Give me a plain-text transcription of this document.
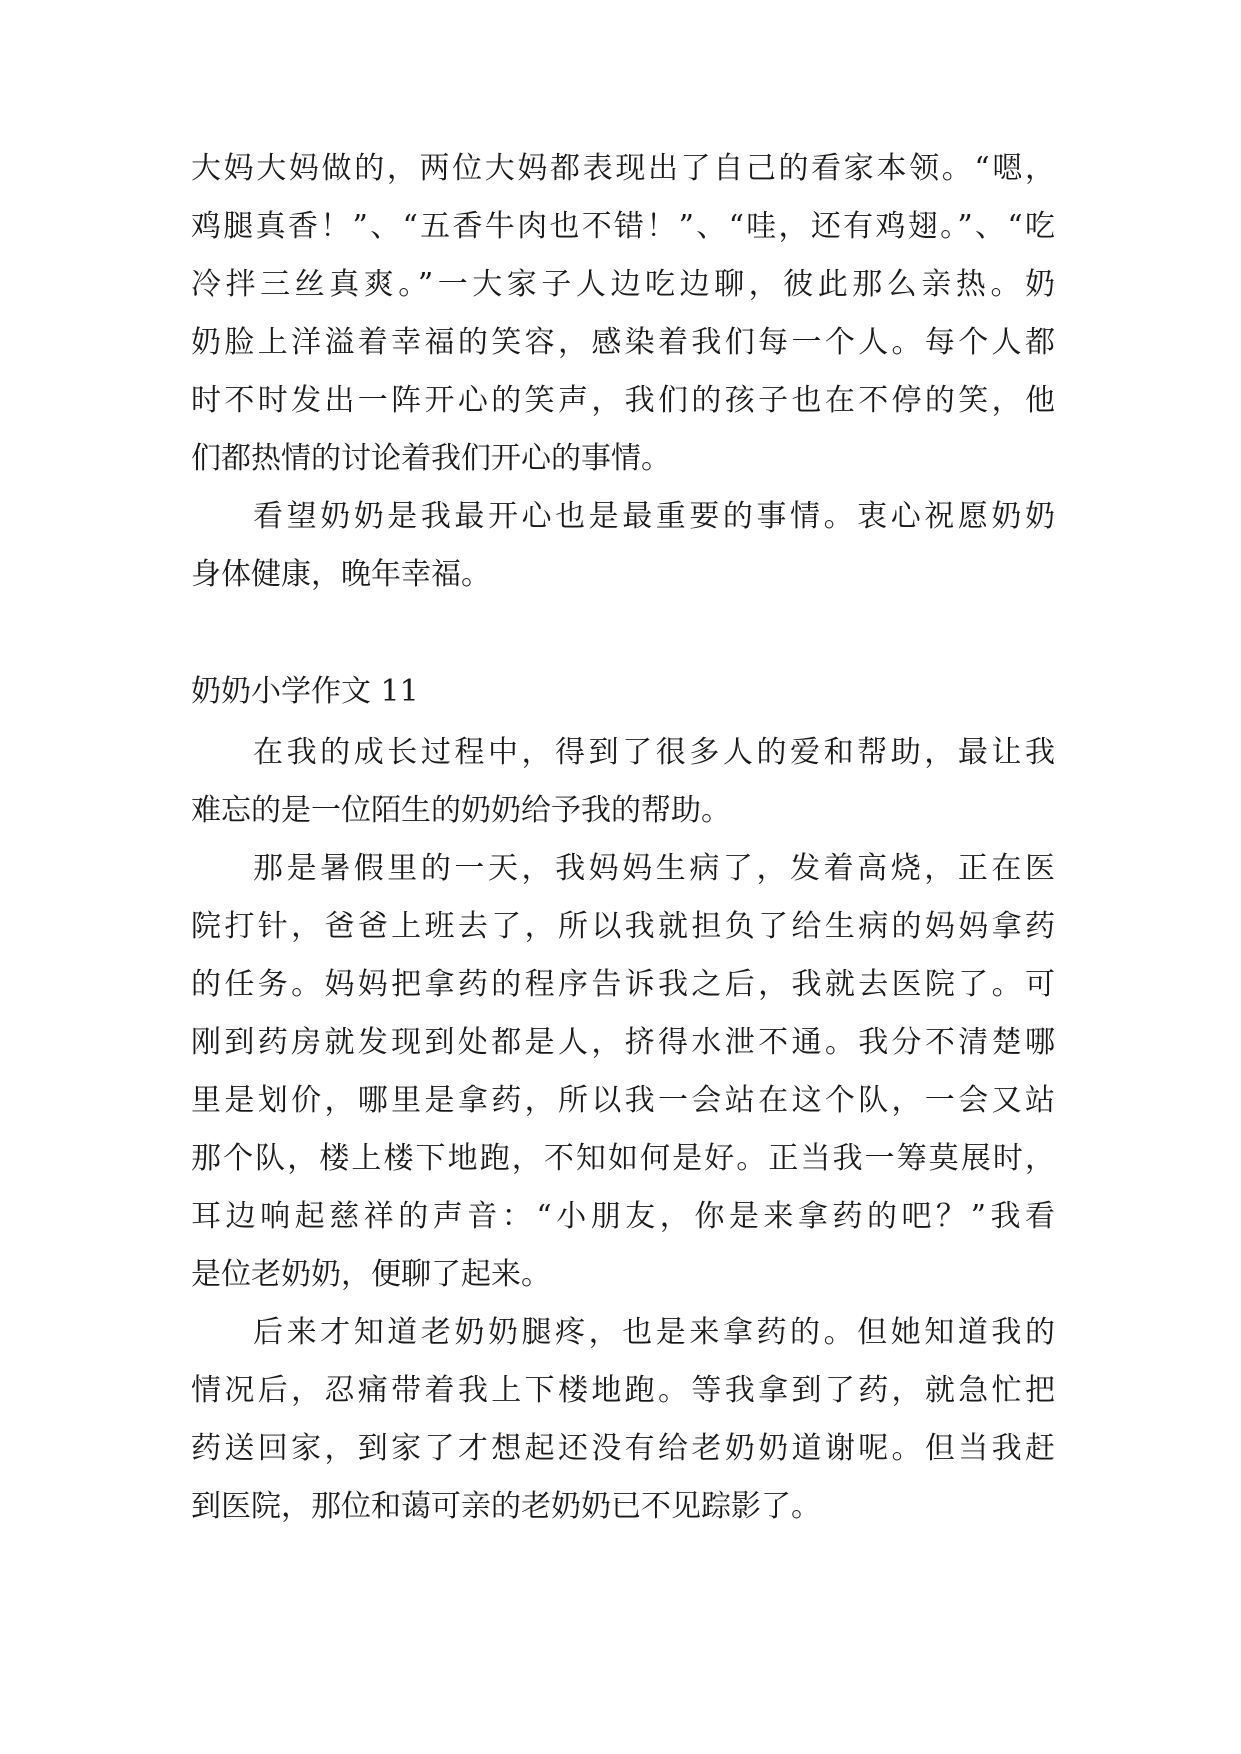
大妈大妈做的，两位大妈都表现出了自己的看家本领。“嗯，
鸡腿真香！”、“五香牛肉也不错！”、“哇，还有鸡翅。”、“吃
冷拌三丝真爽。”一大家子人边吃边聊，彼此那么亲热。奶
奶脸上洋溢着幸福的笑容，感染着我们每一个人。每个人都
时不时发出一阵开心的笑声，我们的孩子也在不停的笑，他
们都热情的讨论着我们开心的事情。
看望奶奶是我最开心也是最重要的事情。衷心祝愿奶奶
身体健康，晚年幸福。
奶奶小学作文 11
在我的成长过程中，得到了很多人的爱和帮助，最让我
难忘的是一位陌生的奶奶给予我的帮助。
那是暑假里的一天，我妈妈生病了，发着高烧，正在医
院打针，爸爸上班去了，所以我就担负了给生病的妈妈拿药
的任务。妈妈把拿药的程序告诉我之后，我就去医院了。可
刚到药房就发现到处都是人，挤得水泄不通。我分不清楚哪
里是划价，哪里是拿药，所以我一会站在这个队，一会又站
那个队，楼上楼下地跑，不知如何是好。正当我一筹莫展时，
耳边响起慈祥的声音：“小朋友，你是来拿药的吧？”我看
是位老奶奶，便聊了起来。
后来才知道老奶奶腿疼，也是来拿药的。但她知道我的
情况后，忍痛带着我上下楼地跑。等我拿到了药，就急忙把
药送回家，到家了才想起还没有给老奶奶道谢呢。但当我赶
到医院，那位和蔼可亲的老奶奶已不见踪影了。
